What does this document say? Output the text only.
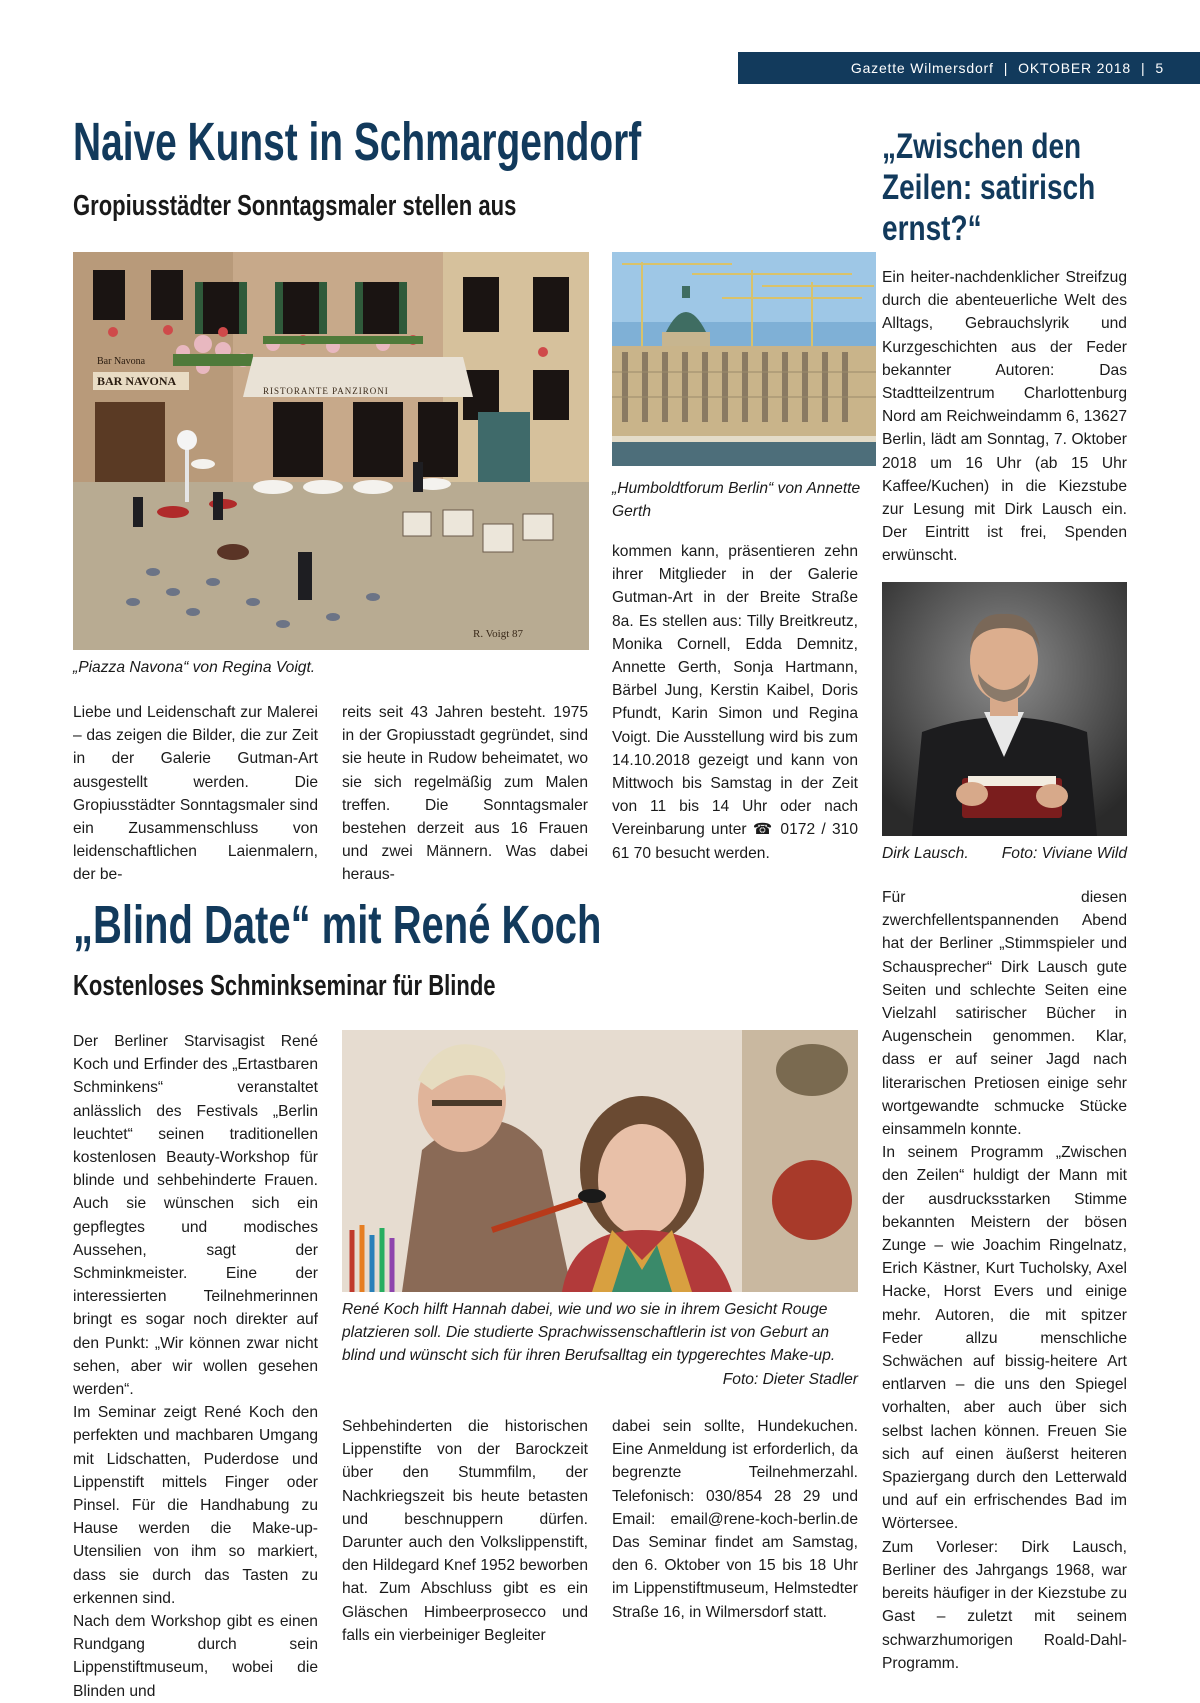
Gazette Wilmersdorf | OKTOBER 2018 | 5
Naive Kunst in Schmargendorf
Gropiusstädter Sonntagsmaler stellen aus
Bar Navona
BAR NAVONA
RISTORANTE PANZIRONI
R. Voigt 87
„Piazza Navona“ von Regina Voigt.
„Humboldtforum Berlin“ von Annette Gerth

Liebe und Leidenschaft zur Malerei – das zeigen die Bilder, die zur Zeit in der Galerie Gutman-Art ausgestellt werden. Die Gropiusstädter Sonntagsmaler sind ein Zusammenschluss von leidenschaftlichen Laienmalern, der be-

reits seit 43 Jahren besteht. 1975 in der Gropiusstadt gegründet, sind sie heute in Rudow beheimatet, wo sie sich regelmäßig zum Malen treffen. Die Sonntagsmaler bestehen derzeit aus 16 Frauen und zwei Männern. Was dabei heraus-

kommen kann, präsentieren zehn ihrer Mitglieder in der Galerie Gutman-Art in der Breite Straße 8a. Es stellen aus: Tilly Breitkreutz, Monika Cornell, Edda Demnitz, Annette Gerth, Sonja Hartmann, Bärbel Jung, Kerstin Kaibel, Doris Pfundt, Karin Simon und Regina Voigt. Die Ausstellung wird bis zum 14.10.2018 gezeigt und kann von Mittwoch bis Samstag in der Zeit von 11 bis 14 Uhr oder nach Vereinbarung unter ☎ 0172 / 310 61 70 besucht werden.

„Zwischen den Zeilen: satirisch ernst?“

Ein heiter-nachdenklicher Streifzug durch die abenteuerliche Welt des Alltags, Gebrauchslyrik und Kurzgeschichten aus der Feder bekannter Autoren: Das Stadtteilzentrum Charlottenburg Nord am Reichweindamm 6, 13627 Berlin, lädt am Sonntag, 7. Oktober 2018 um 16 Uhr (ab 15 Uhr Kaffee/Kuchen) in die Kiezstube zur Lesung mit Dirk Lausch ein. Der Eintritt ist frei, Spenden erwünscht.

Dirk Lausch. Foto: Viviane Wild

Für diesen zwerchfellentspannenden Abend hat der Berliner „Stimmspieler und Schausprecher“ Dirk Lausch gute Seiten und schlechte Seiten eine Vielzahl satirischer Bücher in Augenschein genommen. Klar, dass er auf seiner Jagd nach literarischen Pretiosen einige sehr wortgewandte schmucke Stücke einsammeln konnte.

In seinem Programm „Zwischen den Zeilen“ huldigt der Mann mit der ausdrucksstarken Stimme bekannten Meistern der bösen Zunge – wie Joachim Ringelnatz, Erich Kästner, Kurt Tucholsky, Axel Hacke, Horst Evers und einige mehr. Autoren, die mit spitzer Feder allzu menschliche Schwächen auf bissig-heitere Art entlarven – die uns den Spiegel vorhalten, aber auch über sich selbst lachen können. Freuen Sie sich auf einen äußerst heiteren Spaziergang durch den Letterwald und auf ein erfrischendes Bad im Wörtersee.

Zum Vorleser: Dirk Lausch, Berliner des Jahrgangs 1968, war bereits häufiger in der Kiezstube zu Gast – zuletzt mit seinem schwarzhumorigen Roald-Dahl-Programm.

„Blind Date“ mit René Koch
Kostenloses Schminkseminar für Blinde

Der Berliner Starvisagist René Koch und Erfinder des „Ertastbaren Schminkens“ veranstaltet anlässlich des Festivals „Berlin leuchtet“ seinen traditionellen kostenlosen Beauty-Workshop für blinde und sehbehinderte Frauen. Auch sie wünschen sich ein gepflegtes und modisches Aussehen, sagt der Schminkmeister. Eine der interessierten Teilnehmerinnen bringt es sogar noch direkter auf den Punkt: „Wir können zwar nicht sehen, aber wir wollen gesehen werden“.

Im Seminar zeigt René Koch den perfekten und machbaren Umgang mit Lidschatten, Puderdose und Lippenstift mittels Finger oder Pinsel. Für die Handhabung zu Hause werden die Make-up-Utensilien von ihm so markiert, dass sie durch das Tasten zu erkennen sind.

Nach dem Workshop gibt es einen Rundgang durch sein Lippenstiftmuseum, wobei die Blinden und

René Koch hilft Hannah dabei, wie und wo sie in ihrem Gesicht Rouge platzieren soll. Die studierte Sprachwissenschaftlerin ist von Geburt an blind und wünscht sich für ihren Berufsalltag ein typgerechtes Make-up.
Foto: Dieter Stadler

Sehbehinderten die historischen Lippenstifte von der Barockzeit über den Stummfilm, der Nachkriegszeit bis heute betasten und beschnuppern dürfen. Darunter auch den Volkslippenstift, den Hildegard Knef 1952 beworben hat. Zum Abschluss gibt es ein Gläschen Himbeerprosecco und falls ein vierbeiniger Begleiter

dabei sein sollte, Hundekuchen. Eine Anmeldung ist erforderlich, da begrenzte Teilnehmerzahl. Telefonisch: 030/854 28 29 und Email: email@rene-koch-berlin.de Das Seminar findet am Samstag, den 6. Oktober von 15 bis 18 Uhr im Lippenstiftmuseum, Helmstedter Straße 16, in Wilmersdorf statt.
